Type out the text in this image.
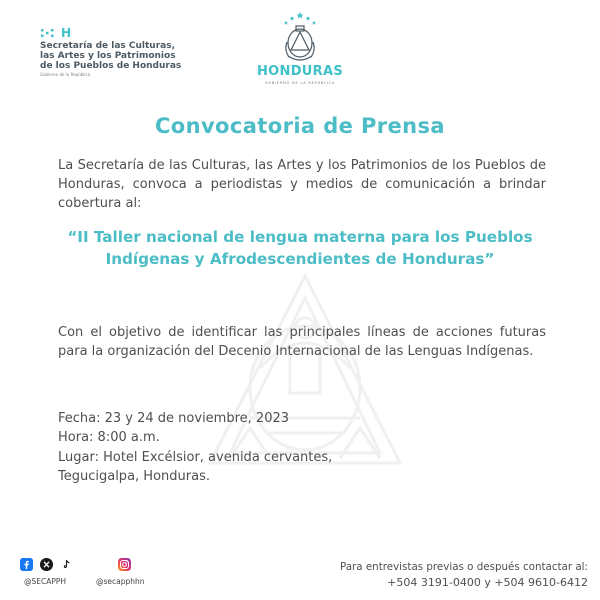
H
Secretaría de las Culturas,
las Artes y los Patrimonios
de los Pueblos de Honduras
Gobierno de la República	HONDURAS
GOBIERNO DE LA REPÚBLICA
Convocatoria de Prensa
La Secretaría de las Culturas, las Artes y los Patrimonios de los Pueblos de Honduras, convoca a periodistas y medios de comunicación a brindar cobertura al:
“II Taller nacional de lengua materna para los Pueblos
Indígenas y Afrodescendientes de Honduras”
Con el objetivo de identificar las principales líneas de acciones futuras para la organización del Decenio Internacional de las Lenguas Indígenas.
Fecha: 23 y 24 de noviembre, 2023
Hora: 8:00 a.m.
Lugar: Hotel Excélsior, avenida cervantes,
Tegucigalpa, Honduras.
@SECAPPH	@secapphhn
Para entrevistas previas o después contactar al:
+504 3191-0400 y +504 9610-6412
